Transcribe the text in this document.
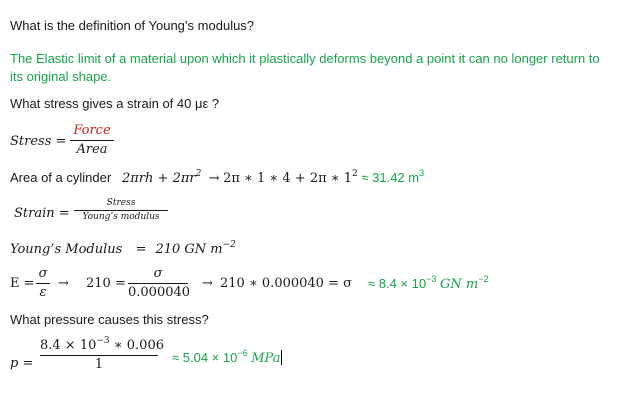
What is the definition of Young’s modulus?
The Elastic limit of a material upon which it plastically deforms beyond a point it can no longer return to its original shape.
What stress gives a strain of 40 με ?
Stress =
Force
Area
Area of a cylinder $2\pi rh + 2\pi r^2 \to 2\pi$ ∗ 1 ∗ 4 + 2π ∗ $1^2 \approx 31.42$ $m^3$
Strain =
Stress
Young’s modulus
Young’s Modulus = 210 GN $m^{-2}$
E =
σ
ε
→ 210 =
σ
0.000040
→ 210 ∗ $0.000040 = \sigma \approx 8.4 \times 10^{-3}$ GN $m^{-2}$
What pressure causes this stress?
p =
$8.4 \times 10^{-3}$ ∗ 0.006
1	≈ $5.04 \times 10^{-6}$ MPa
